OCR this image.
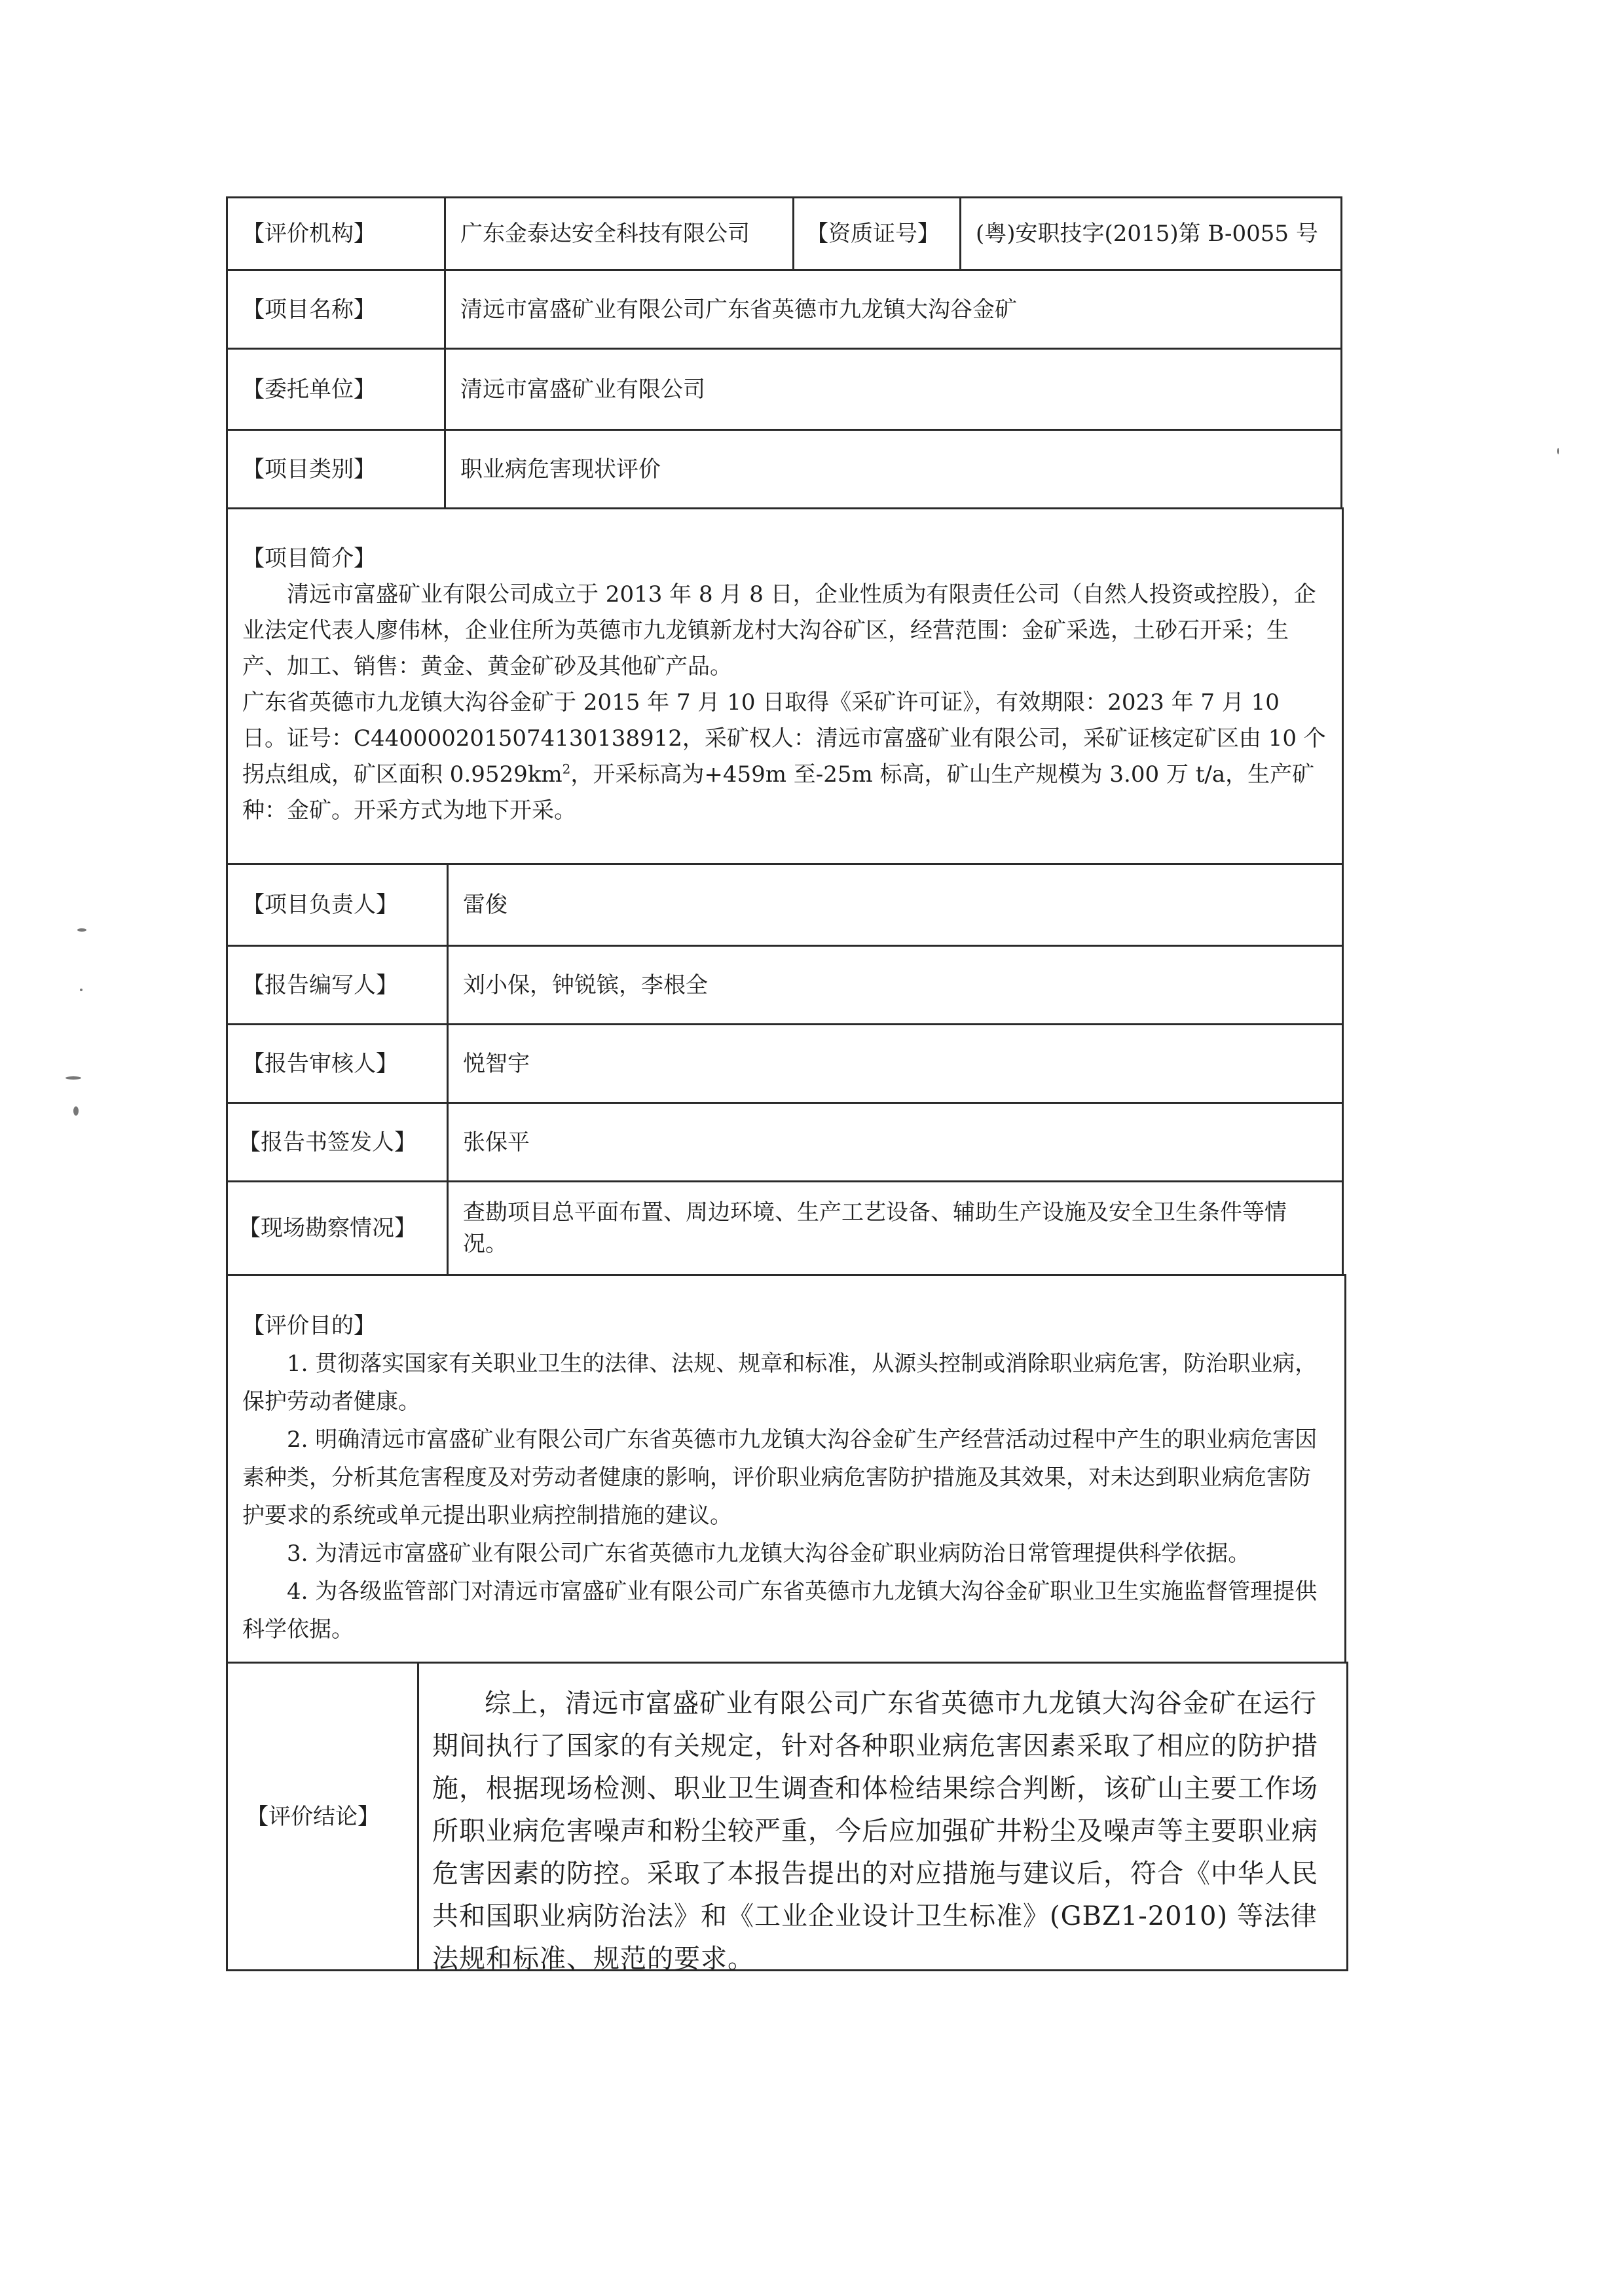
【评价机构】	广东金泰达安全科技有限公司	【资质证号】	(粤)安职技字(2015)第 B-0055 号
【项目名称】	清远市富盛矿业有限公司广东省英德市九龙镇大沟谷金矿
【委托单位】	清远市富盛矿业有限公司
【项目类别】	职业病危害现状评价

【项目简介】

清远市富盛矿业有限公司成立于 2013 年 8 月 8 日，企业性质为有限责任公司（自然人投资或控股），企业法定代表人廖伟林，企业住所为英德市九龙镇新龙村大沟谷矿区，经营范围：金矿采选，土砂石开采；生产、加工、销售：黄金、黄金矿砂及其他矿产品。

广东省英德市九龙镇大沟谷金矿于 2015 年 7 月 10 日取得《采矿许可证》，有效期限：2023 年 7 月 10 日。证号：C4400002015074130138912，采矿权人：清远市富盛矿业有限公司，采矿证核定矿区由 10 个拐点组成，矿区面积 $0.9529km^2$，开采标高为+459m 至-25m 标高，矿山生产规模为 3.00 万 t/a，生产矿种：金矿。开采方式为地下开采。

【项目负责人】	雷俊
【报告编写人】	刘小保，钟锐镔，李根全
【报告审核人】	悦智宇
【报告书签发人】	张保平
【现场勘察情况】
查勘项目总平面布置、周边环境、生产工艺设备、辅助生产设施及安全卫生条件等情况。

【评价目的】

1. 贯彻落实国家有关职业卫生的法律、法规、规章和标准，从源头控制或消除职业病危害，防治职业病，保护劳动者健康。

2. 明确清远市富盛矿业有限公司广东省英德市九龙镇大沟谷金矿生产经营活动过程中产生的职业病危害因素种类，分析其危害程度及对劳动者健康的影响，评价职业病危害防护措施及其效果，对未达到职业病危害防护要求的系统或单元提出职业病控制措施的建议。

3. 为清远市富盛矿业有限公司广东省英德市九龙镇大沟谷金矿职业病防治日常管理提供科学依据。

4. 为各级监管部门对清远市富盛矿业有限公司广东省英德市九龙镇大沟谷金矿职业卫生实施监督管理提供科学依据。

【评价结论】
综上，清远市富盛矿业有限公司广东省英德市九龙镇大沟谷金矿在运行期间执行了国家的有关规定，针对各种职业病危害因素采取了相应的防护措施，根据现场检测、职业卫生调查和体检结果综合判断，该矿山主要工作场所职业病危害噪声和粉尘较严重，今后应加强矿井粉尘及噪声等主要职业病危害因素的防控。采取了本报告提出的对应措施与建议后，符合《中华人民共和国职业病防治法》和《工业企业设计卫生标准》(GBZ1-2010) 等法律法规和标准、规范的要求。
